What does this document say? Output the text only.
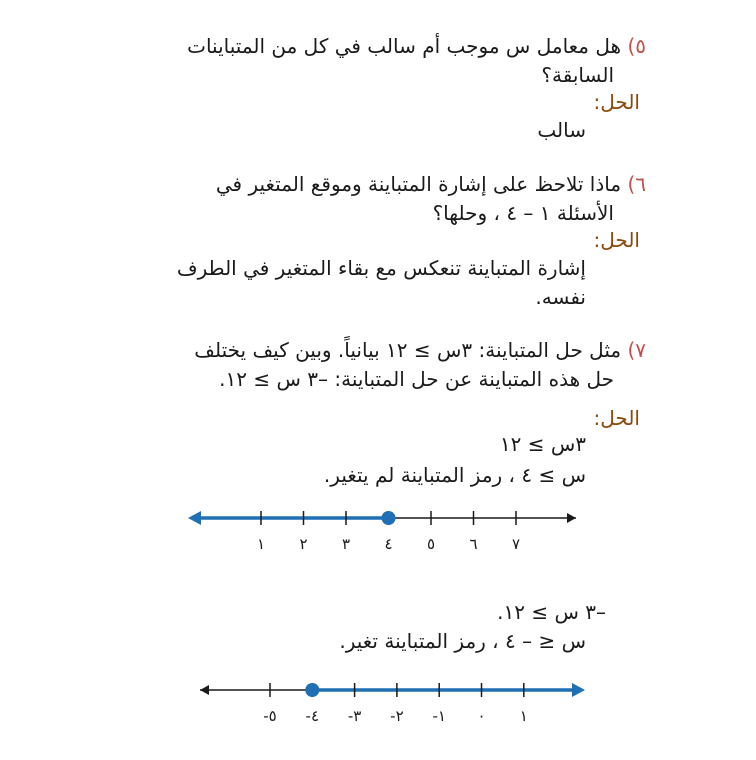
٥) هل معامل س موجب أم سالب في كل من المتباينات
السابقة؟
الحل:
سالب
٦) ماذا تلاحظ على إشارة المتباينة وموقع المتغير في
الأسئلة ١ – ٤ ، وحلها؟
الحل:
إشارة المتباينة تنعكس مع بقاء المتغير في الطرف
نفسه.
٧) مثل حل المتباينة: ٣س ≥ ١٢ بيانياً. وبين كيف يختلف
حل هذه المتباينة عن حل المتباينة: –٣ س ≥ ١٢.
الحل:
٣س ≥ ١٢
س ≥ ٤ ، رمز المتباينة لم يتغير.
١ ٢ ٣ ٤ ٥ ٦ ٧
–٣ س ≥ ١٢.
س ≤ – ٤ ، رمز المتباينة تغير.
-٥ -٤ -٣ -٢ -١ ٠ ١
